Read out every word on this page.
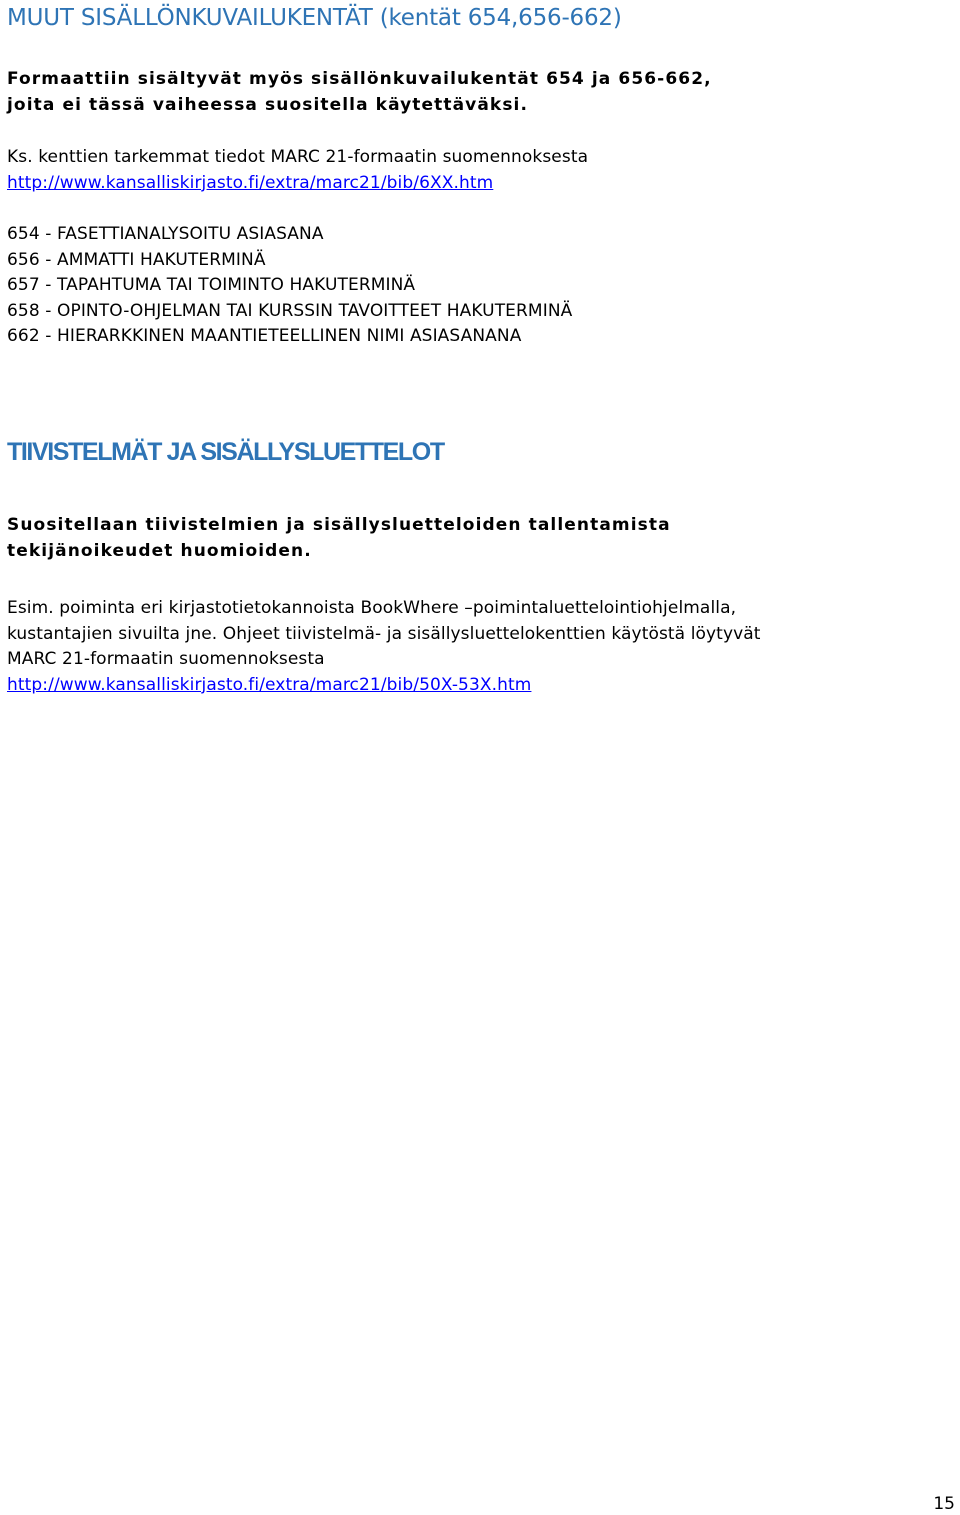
MUUT SISÄLLÖNKUVAILUKENTÄT (kentät 654,656-662)
Formaattiin sisältyvät myös sisällönkuvailukentät 654 ja 656-662,
joita ei tässä vaiheessa suositella käytettäväksi.
Ks. kenttien tarkemmat tiedot MARC 21-formaatin suomennoksesta
http://www.kansalliskirjasto.fi/extra/marc21/bib/6XX.htm
654 - FASETTIANALYSOITU ASIASANA
656 - AMMATTI HAKUTERMINÄ
657 - TAPAHTUMA TAI TOIMINTO HAKUTERMINÄ
658 - OPINTO-OHJELMAN TAI KURSSIN TAVOITTEET HAKUTERMINÄ
662 - HIERARKKINEN MAANTIETEELLINEN NIMI ASIASANANA
TIIVISTELMÄT JA SISÄLLYSLUETTELOT
Suositellaan tiivistelmien ja sisällysluetteloiden tallentamista
tekijänoikeudet huomioiden.
Esim. poiminta eri kirjastotietokannoista BookWhere –poimintaluettelointiohjelmalla,
kustantajien sivuilta jne. Ohjeet tiivistelmä- ja sisällysluettelokenttien käytöstä löytyvät
MARC 21-formaatin suomennoksesta
http://www.kansalliskirjasto.fi/extra/marc21/bib/50X-53X.htm
15
